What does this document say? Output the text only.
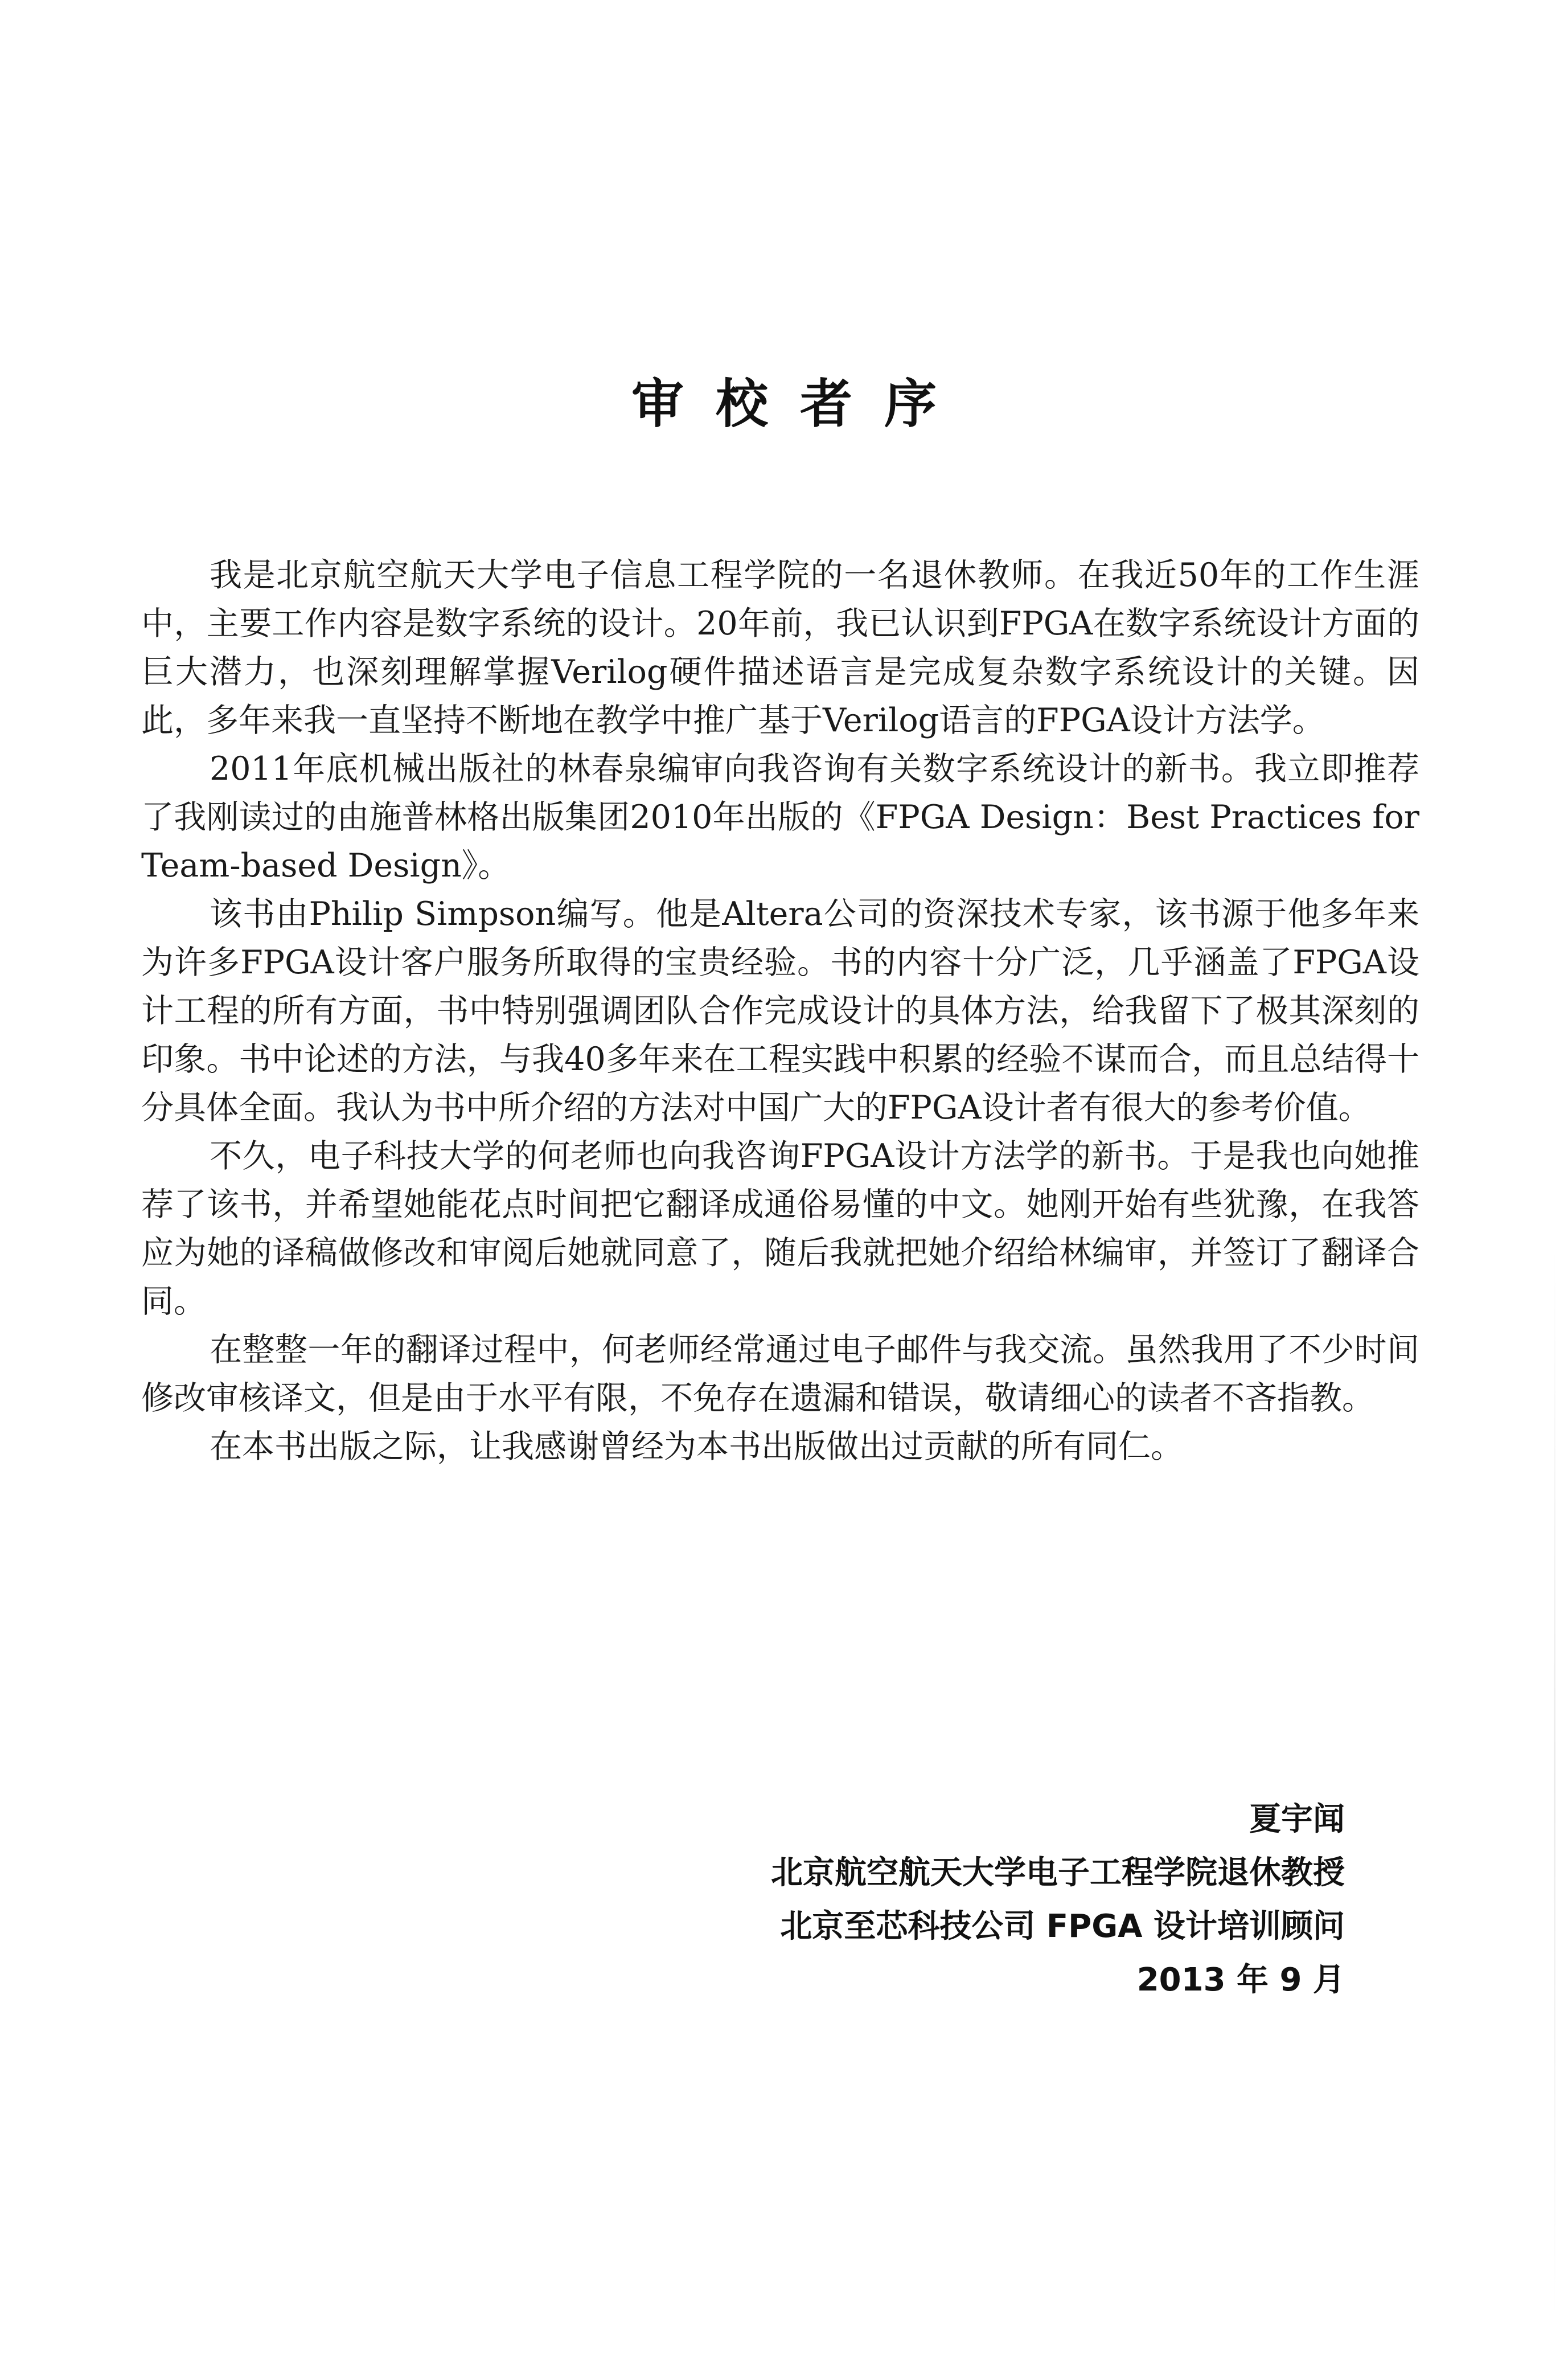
审校者序

我是北京航空航天大学电子信息工程学院的一名退休教师。在我近50年的工作生涯中，主要工作内容是数字系统的设计。20年前，我已认识到FPGA在数字系统设计方面的巨大潜力，也深刻理解掌握Verilog硬件描述语言是完成复杂数字系统设计的关键。因此，多年来我一直坚持不断地在教学中推广基于Verilog语言的FPGA设计方法学。

2011年底机械出版社的林春泉编审向我咨询有关数字系统设计的新书。我立即推荐了我刚读过的由施普林格出版集团2010年出版的《FPGA Design：Best Practices for Team-based Design》。

该书由Philip Simpson编写。他是Altera公司的资深技术专家，该书源于他多年来为许多FPGA设计客户服务所取得的宝贵经验。书的内容十分广泛，几乎涵盖了FPGA设计工程的所有方面，书中特别强调团队合作完成设计的具体方法，给我留下了极其深刻的印象。书中论述的方法，与我40多年来在工程实践中积累的经验不谋而合，而且总结得十分具体全面。我认为书中所介绍的方法对中国广大的FPGA设计者有很大的参考价值。

不久，电子科技大学的何老师也向我咨询FPGA设计方法学的新书。于是我也向她推荐了该书，并希望她能花点时间把它翻译成通俗易懂的中文。她刚开始有些犹豫，在我答应为她的译稿做修改和审阅后她就同意了，随后我就把她介绍给林编审，并签订了翻译合同。

在整整一年的翻译过程中，何老师经常通过电子邮件与我交流。虽然我用了不少时间修改审核译文，但是由于水平有限，不免存在遗漏和错误，敬请细心的读者不吝指教。

在本书出版之际，让我感谢曾经为本书出版做出过贡献的所有同仁。

夏宇闻
北京航空航天大学电子工程学院退休教授
北京至芯科技公司 FPGA 设计培训顾问
2013 年 9 月
